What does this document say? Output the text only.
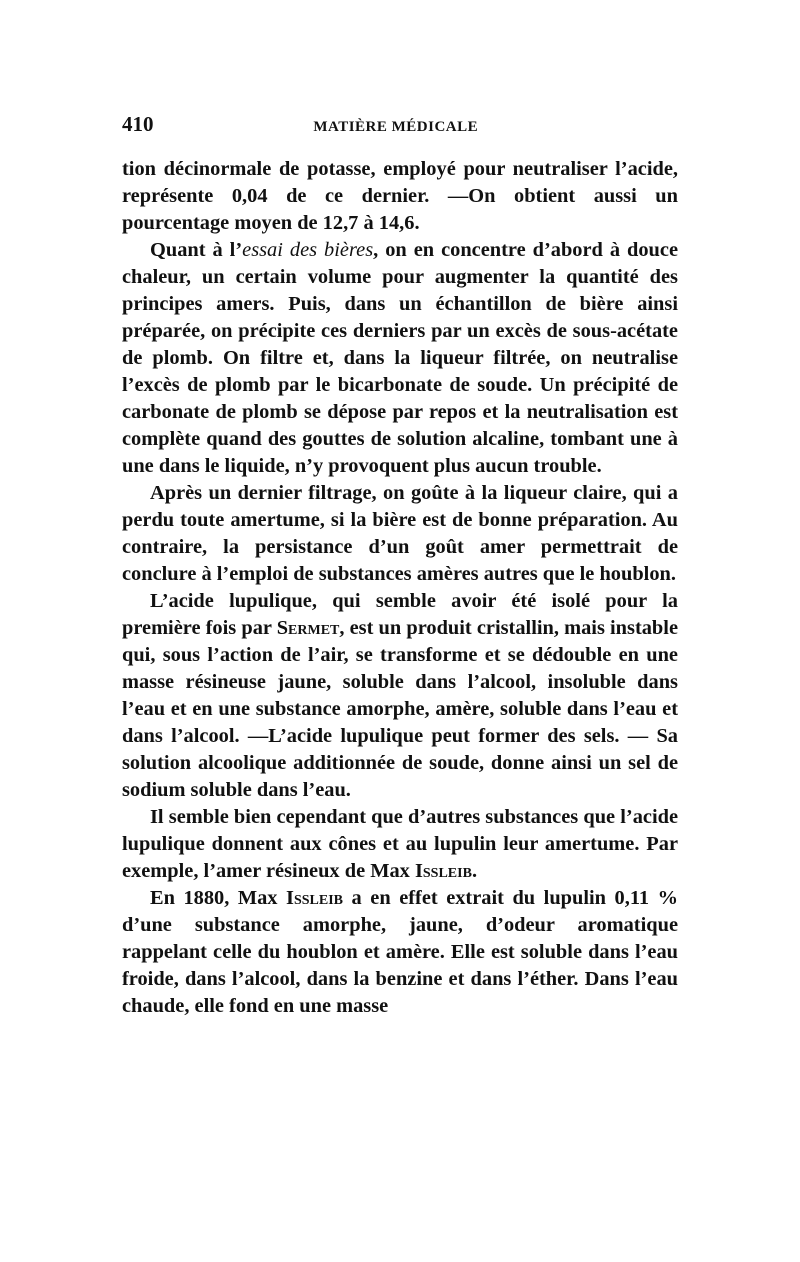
410	MATIÈRE MÉDICALE

tion décinormale de potasse, employé pour neutraliser l’acide, représente 0,04 de ce dernier. —On obtient aussi un pourcentage moyen de 12,7 à 14,6.

Quant à l’essai des bières, on en concentre d’abord à douce chaleur, un certain volume pour augmenter la quantité des principes amers. Puis, dans un échantillon de bière ainsi préparée, on précipite ces derniers par un excès de sous-acétate de plomb. On filtre et, dans la liqueur filtrée, on neutralise l’excès de plomb par le bicarbonate de soude. Un précipité de carbonate de plomb se dépose par repos et la neutralisation est complète quand des gouttes de solution alcaline, tombant une à une dans le liquide, n’y provoquent plus aucun trouble.

Après un dernier filtrage, on goûte à la liqueur claire, qui a perdu toute amertume, si la bière est de bonne préparation. Au contraire, la persistance d’un goût amer permettrait de conclure à l’emploi de substances amères autres que le houblon.

L’acide lupulique, qui semble avoir été isolé pour la première fois par Sermet, est un produit cristallin, mais instable qui, sous l’action de l’air, se transforme et se dédouble en une masse résineuse jaune, soluble dans l’alcool, insoluble dans l’eau et en une substance amorphe, amère, soluble dans l’eau et dans l’alcool. —L’acide lupulique peut former des sels. — Sa solution alcoolique additionnée de soude, donne ainsi un sel de sodium soluble dans l’eau.

Il semble bien cependant que d’autres substances que l’acide lupulique donnent aux cônes et au lupulin leur amertume. Par exemple, l’amer résineux de Max Issleib.

En 1880, Max Issleib a en effet extrait du lupulin 0,11 % d’une substance amorphe, jaune, d’odeur aromatique rappelant celle du houblon et amère. Elle est soluble dans l’eau froide, dans l’alcool, dans la benzine et dans l’éther. Dans l’eau chaude, elle fond en une masse
